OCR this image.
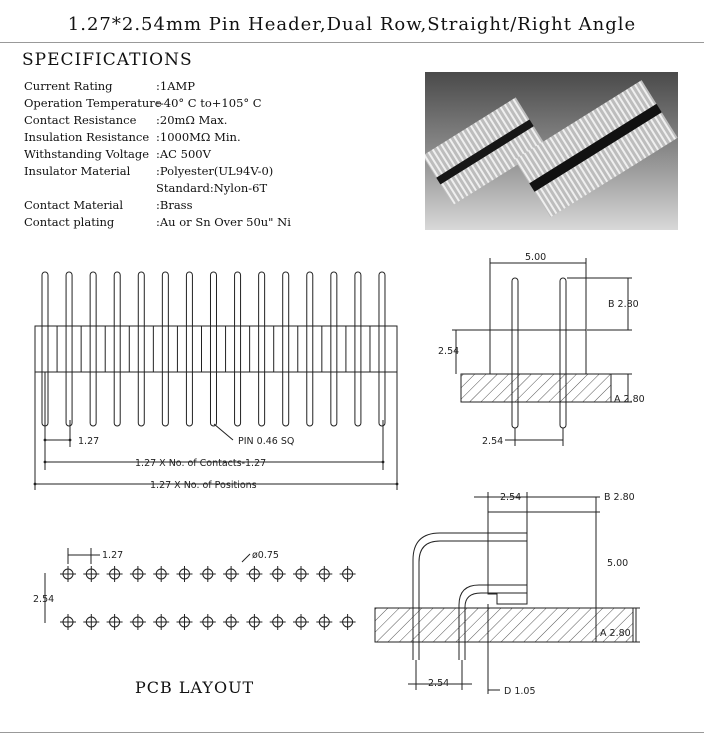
1.27*2.54mm Pin Header,Dual Row,Straight/Right Angle
SPECIFICATIONS
Current Rating	:1AMP
Operation Temperature
:-40° C to+105° C
Contact Resistance	:20mΩ Max.
Insulation Resistance :1000MΩ Min.
Withstanding Voltage :AC 500V
Insulator Material	:Polyester(UL94V-0)
Standard:Nylon-6T
Contact Material	:Brass
Contact plating	:Au or Sn Over 50u" Ni
1.27	PIN 0.46 SQ
1.27 X No. of Contacts-1.27
1.27 X No. of Positions
5.00
B 2.80
2.54
A 2.80
2.54
1.27	ø0.75
2.54
2.54	B 2.80
5.00
A 2.80
2.54
D 1.05
PCB LAYOUT
